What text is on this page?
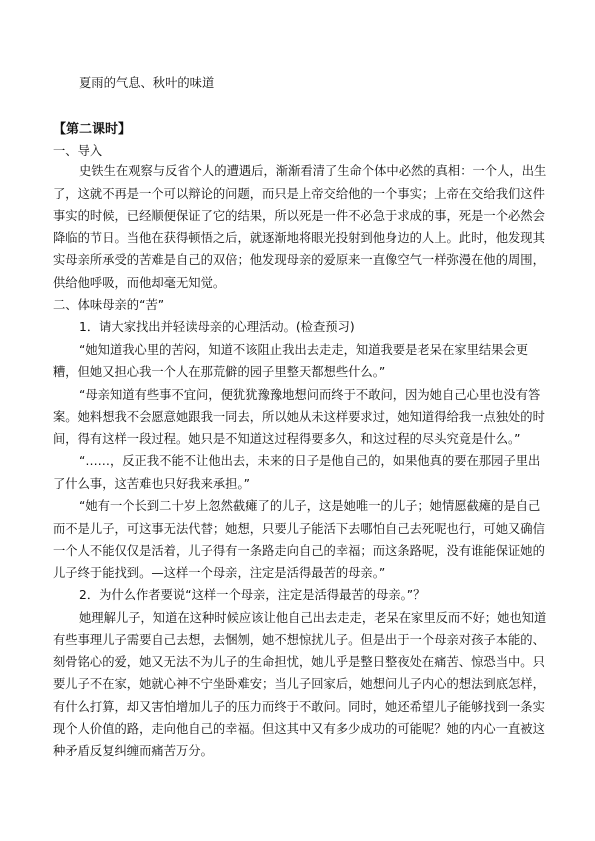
夏雨的气息、秋叶的味道
【第二课时】
一、导入
史铁生在观察与反省个人的遭遇后，渐渐看清了生命个体中必然的真相：一个人，出生
了，这就不再是一个可以辩论的问题，而只是上帝交给他的一个事实；上帝在交给我们这件
事实的时候，已经顺便保证了它的结果，所以死是一件不必急于求成的事，死是一个必然会
降临的节日。当他在获得顿悟之后，就逐渐地将眼光投射到他身边的人上。此时，他发现其
实母亲所承受的苦难是自己的双倍；他发现母亲的爱原来一直像空气一样弥漫在他的周围，
供给他呼吸，而他却毫无知觉。
二、体味母亲的“苦”
1．请大家找出并轻读母亲的心理活动。(检查预习)
“她知道我心里的苦闷，知道不该阻止我出去走走，知道我要是老呆在家里结果会更
糟，但她又担心我一个人在那荒僻的园子里整天都想些什么。”
“母亲知道有些事不宜问，便犹犹豫豫地想问而终于不敢问，因为她自己心里也没有答
案。她料想我不会愿意她跟我一同去，所以她从未这样要求过，她知道得给我一点独处的时
间，得有这样一段过程。她只是不知道这过程得要多久，和这过程的尽头究竟是什么。”
“……，反正我不能不让他出去，未来的日子是他自己的，如果他真的要在那园子里出
了什么事，这苦难也只好我来承担。”
“她有一个长到二十岁上忽然截瘫了的儿子，这是她唯一的儿子；她情愿截瘫的是自己
而不是儿子，可这事无法代替；她想，只要儿子能活下去哪怕自己去死呢也行，可她又确信
一个人不能仅仅是活着，儿子得有一条路走向自己的幸福；而这条路呢，没有谁能保证她的
儿子终于能找到。—这样一个母亲，注定是活得最苦的母亲。”
2．为什么作者要说“这样一个母亲，注定是活得最苦的母亲。”？
她理解儿子，知道在这种时候应该让他自己出去走走，老呆在家里反而不好；她也知道
有些事理儿子需要自己去想，去悃刎，她不想惊扰儿子。但是出于一个母亲对孩子本能的、
刻骨铭心的爱，她又无法不为儿子的生命担忧，她儿乎是整日整夜处在痛苦、惊恐当中。只
要儿子不在家，她就心神不宁坐卧难安；当儿子回家后，她想问儿子内心的想法到底怎样，
有什么打算，却又害怕增加儿子的压力而终于不敢问。同时，她还希望儿子能够找到一条实
现个人价值的路，走向他自己的幸福。但这其中又有多少成功的可能呢？她的内心一直被这
种矛盾反复纠缠而痛苦万分。
